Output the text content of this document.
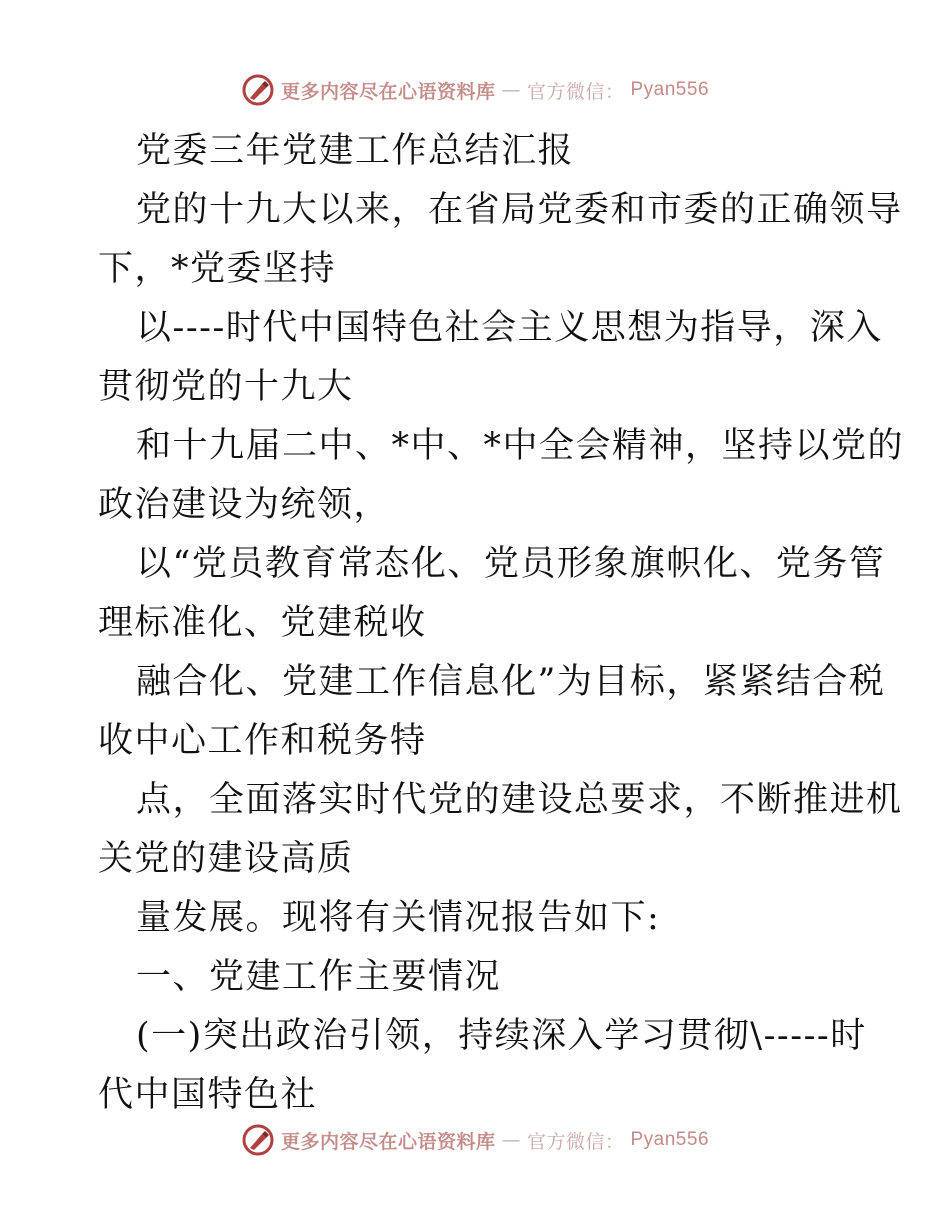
更多内容尽在心语资料库 — 官方微信： Pyan556
党委三年党建工作总结汇报
党的十九大以来，在省局党委和市委的正确领导
下，*党委坚持
以----时代中国特色社会主义思想为指导，深入
贯彻党的十九大
和十九届二中、*中、*中全会精神，坚持以党的
政治建设为统领，
以“党员教育常态化、党员形象旗帜化、党务管
理标准化、党建税收
融合化、党建工作信息化”为目标，紧紧结合税
收中心工作和税务特
点，全面落实时代党的建设总要求，不断推进机
关党的建设高质
量发展。现将有关情况报告如下:
一、党建工作主要情况
(一)突出政治引领，持续深入学习贯彻\-----时
代中国特色社
更多内容尽在心语资料库 — 官方微信： Pyan556
